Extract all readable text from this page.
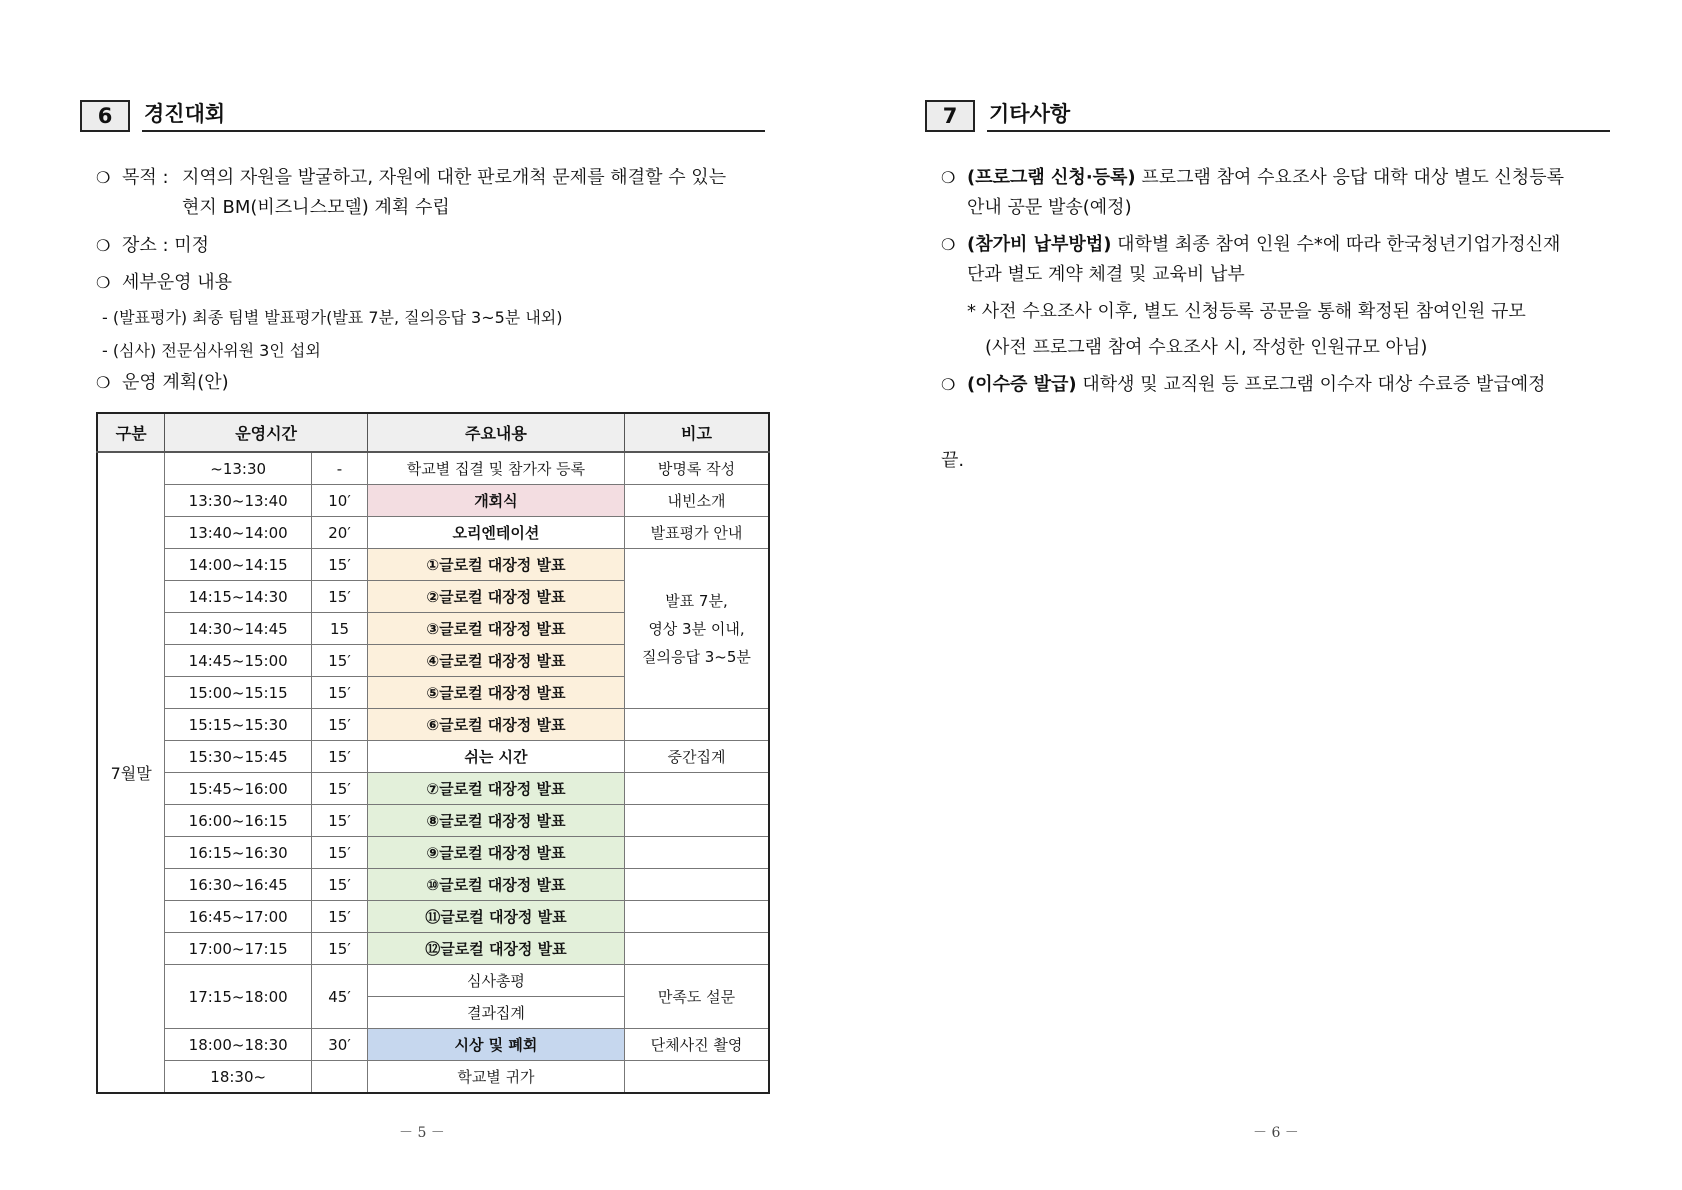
6	경진대회
❍ 목적 : 지역의 자원을 발굴하고, 자원에 대한 판로개척 문제를 해결할 수 있는
현지 BM(비즈니스모델) 계획 수립
❍ 장소 : 미정
❍ 세부운영 내용
- (발표평가) 최종 팀별 발표평가(발표 7분, 질의응답 3~5분 내외)
- (심사) 전문심사위원 3인 섭외
❍ 운영 계획(안)
구분	운영시간		주요내용	비고
7월말	~13:30	-	학교별 집결 및 참가자 등록	방명록 작성
	13:30~13:40	10′	개회식	내빈소개
	13:40~14:00	20′	오리엔테이션	발표평가 안내
	14:00~14:15	15′	①글로컬 대장정 발표	발표 7분,
영상 3분 이내,
질의응답 3~5분

	14:15~14:30	15′	②글로컬 대장정 발표	
	14:30~14:45	15	③글로컬 대장정 발표	
	14:45~15:00	15′	④글로컬 대장정 발표	
	15:00~15:15	15′	⑤글로컬 대장정 발표	
	15:15~15:30	15′	⑥글로컬 대장정 발표	
	15:30~15:45	15′	쉬는 시간	중간집계
	15:45~16:00	15′	⑦글로컬 대장정 발표	
	16:00~16:15	15′	⑧글로컬 대장정 발표	
	16:15~16:30	15′	⑨글로컬 대장정 발표	
	16:30~16:45	15′	⑩글로컬 대장정 발표	
	16:45~17:00	15′	⑪글로컬 대장정 발표	
	17:00~17:15	15′	⑫글로컬 대장정 발표	
	17:15~18:00	45′	심사총평	만족도 설문
			결과집계	
	18:00~18:30	30′	시상 및 폐회	단체사진 촬영
	18:30~		학교별 귀가	
－ 5 －
7	기타사항
❍ (프로그램 신청·등록) 프로그램 참여 수요조사 응답 대학 대상 별도 신청등록
안내 공문 발송(예정)
❍ (참가비 납부방법) 대학별 최종 참여 인원 수*에 따라 한국청년기업가정신재
단과 별도 계약 체결 및 교육비 납부
* 사전 수요조사 이후, 별도 신청등록 공문을 통해 확정된 참여인원 규모
(사전 프로그램 참여 수요조사 시, 작성한 인원규모 아님)
❍ (이수증 발급) 대학생 및 교직원 등 프로그램 이수자 대상 수료증 발급예정
끝.
－ 6 －
